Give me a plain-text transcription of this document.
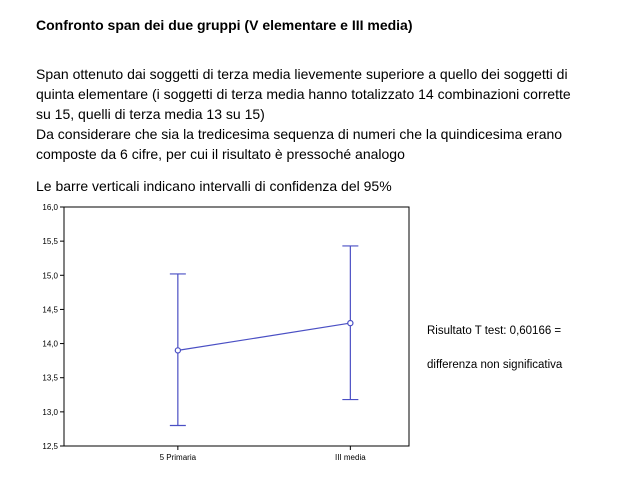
Confronto span dei due gruppi (V elementare e III media)

Span ottenuto dai soggetti di terza media lievemente superiore a quello dei soggetti di

quinta elementare (i soggetti di terza media hanno totalizzato 14 combinazioni corrette

su 15, quelli di terza media 13 su 15)

Da considerare che sia la tredicesima sequenza di numeri che la quindicesima erano

composte da 6 cifre, per cui il risultato è pressoché analogo

Le barre verticali indicano intervalli di confidenza del 95%
12,5
13,0
13,5
14,0
14,5
15,0
15,5
16,0
5 Primaria	III media
Risultato T test: 0,60166 =
differenza non significativa
